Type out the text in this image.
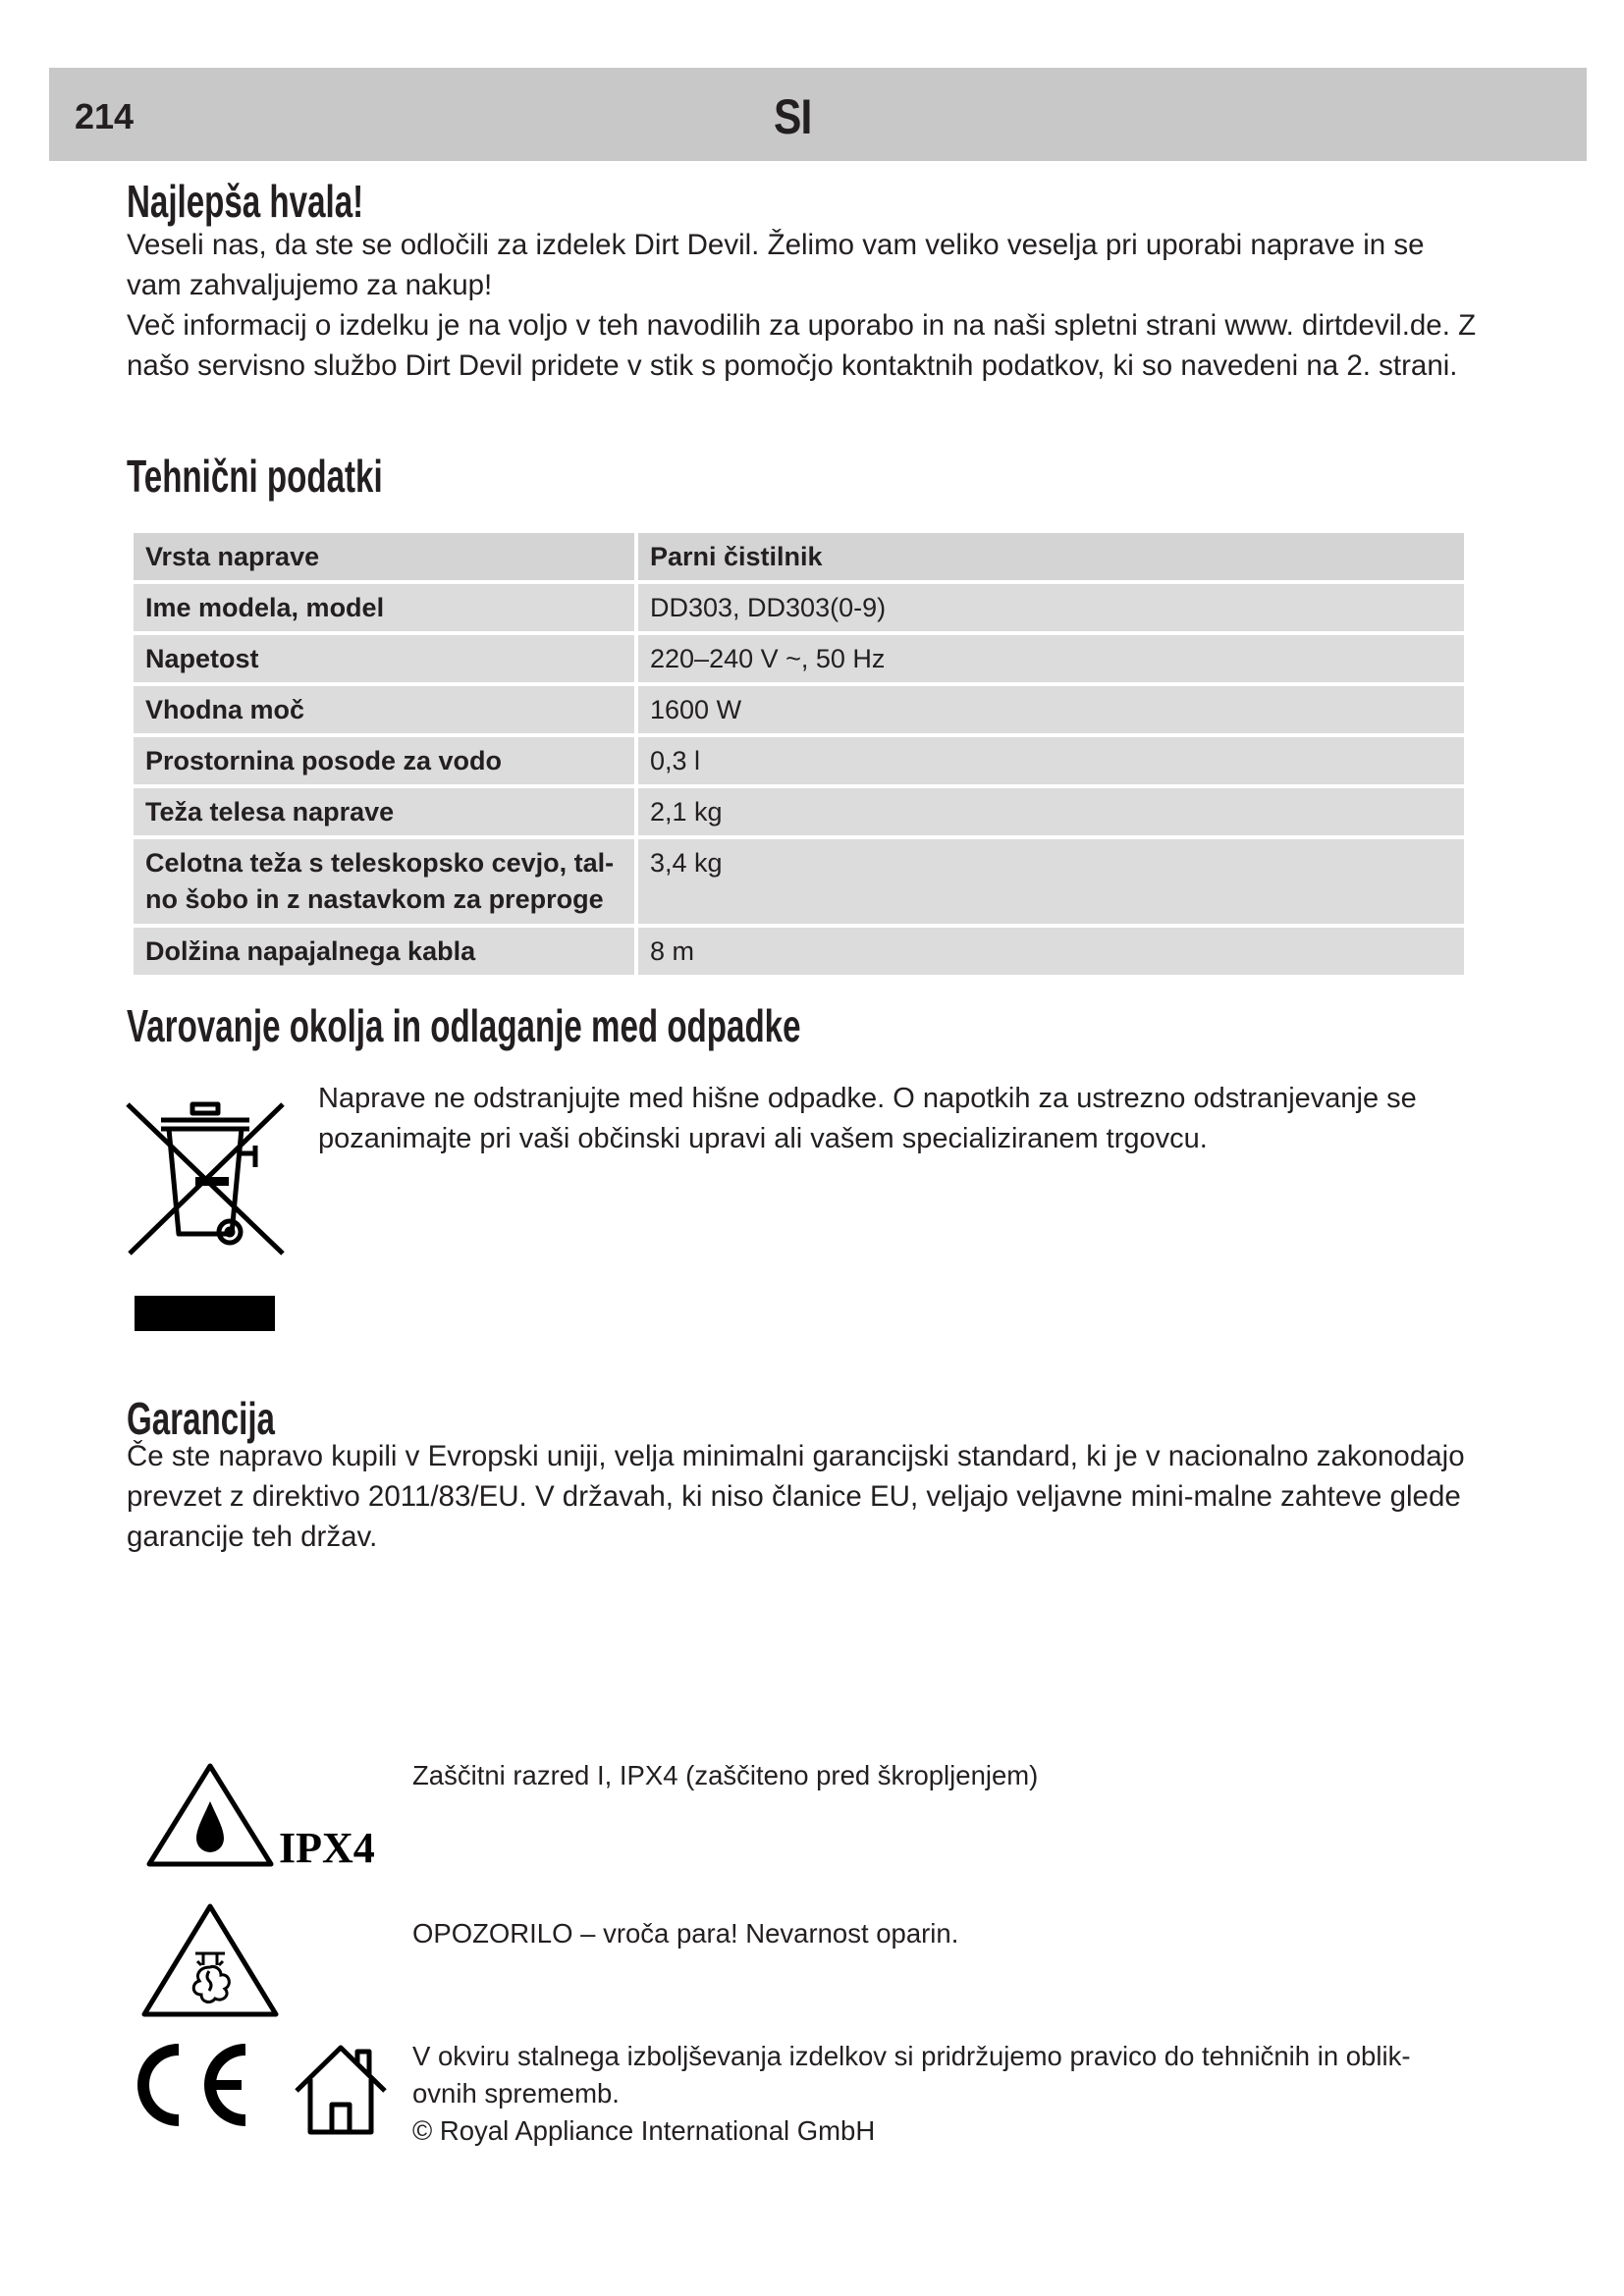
214	SI
Najlepša hvala!

Veseli nas, da ste se odločili za izdelek Dirt Devil. Želimo vam veliko veselja pri uporabi naprave in se vam zahvaljujemo za nakup!

Več informacij o izdelku je na voljo v teh navodilih za uporabo in na naši spletni strani www. dirtdevil.de. Z našo servisno službo Dirt Devil pridete v stik s pomočjo kontaktnih podatkov, ki so navedeni na 2. strani.

Tehnični podatki
Vrsta naprave	Parni čistilnik
Ime modela, model	DD303, DD303(0-9)
Napetost	220–240 V ~, 50 Hz
Vhodna moč	1600 W
Prostornina posode za vodo	0,3 l
Teža telesa naprave	2,1 kg
Celotna teža s teleskopsko cevjo, tal-no šobo in z nastavkom za preproge	3,4 kg
Dolžina napajalnega kabla	8 m
Varovanje okolja in odlaganje med odpadke

Naprave ne odstranjujte med hišne odpadke. O napotkih za ustrezno odstranjevanje se pozanimajte pri vaši občinski upravi ali vašem specializiranem trgovcu.

Garancija

Če ste napravo kupili v Evropski uniji, velja minimalni garancijski standard, ki je v nacionalno zakonodajo prevzet z direktivo 2011/83/EU. V državah, ki niso članice EU, veljajo veljavne mini-malne zahteve glede garancije teh držav.

IPX4

Zaščitni razred I, IPX4 (zaščiteno pred škropljenjem)

OPOZORILO – vroča para! Nevarnost oparin.

V okviru stalnega izboljševanja izdelkov si pridržujemo pravico do tehničnih in oblik-ovnih sprememb.

© Royal Appliance International GmbH
